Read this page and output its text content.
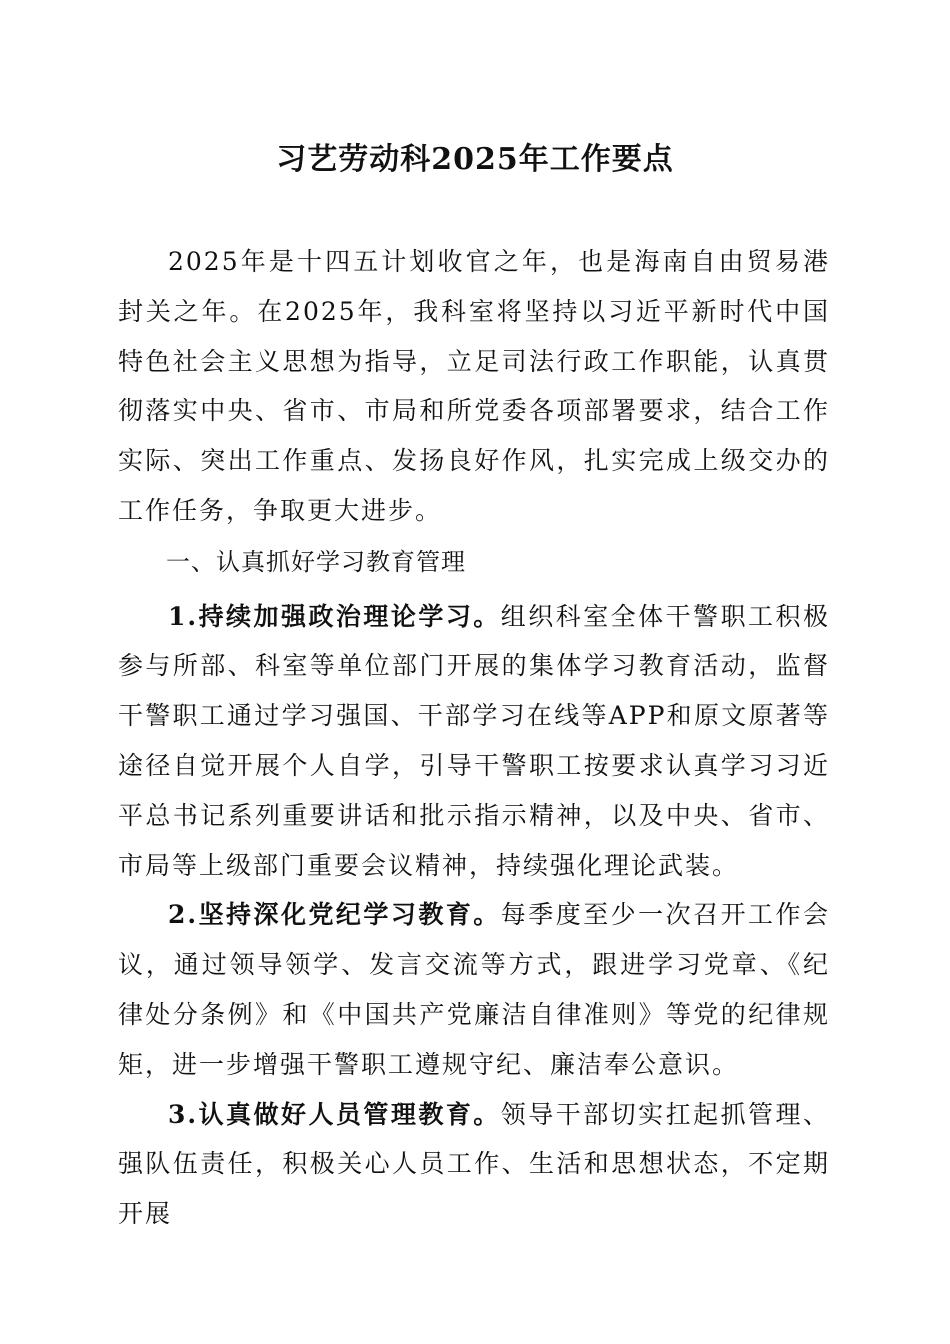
习艺劳动科2025年工作要点

2025年是十四五计划收官之年，也是海南自由贸易港封关之年。在2025年，我科室将坚持以习近平新时代中国特色社会主义思想为指导，立足司法行政工作职能，认真贯彻落实中央、省市、市局和所党委各项部署要求，结合工作实际、突出工作重点、发扬良好作风，扎实完成上级交办的工作任务，争取更大进步。

一、认真抓好学习教育管理

1.持续加强政治理论学习。组织科室全体干警职工积极参与所部、科室等单位部门开展的集体学习教育活动，监督干警职工通过学习强国、干部学习在线等APP和原文原著等途径自觉开展个人自学，引导干警职工按要求认真学习习近平总书记系列重要讲话和批示指示精神，以及中央、省市、市局等上级部门重要会议精神，持续强化理论武装。

2.坚持深化党纪学习教育。每季度至少一次召开工作会议，通过领导领学、发言交流等方式，跟进学习党章、《纪律处分条例》和《中国共产党廉洁自律准则》等党的纪律规矩，进一步增强干警职工遵规守纪、廉洁奉公意识。

3.认真做好人员管理教育。领导干部切实扛起抓管理、强队伍责任，积极关心人员工作、生活和思想状态，不定期开展
